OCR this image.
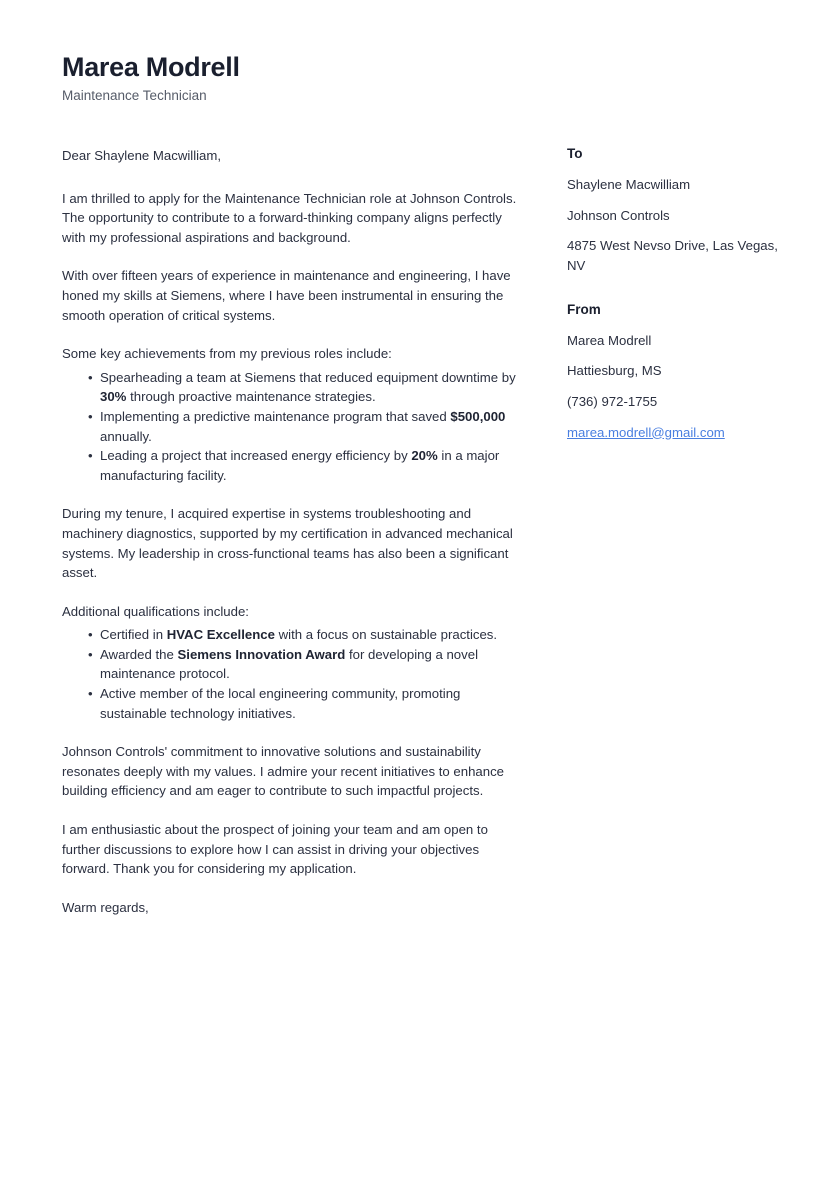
Marea Modrell
Maintenance Technician

Dear Shaylene Macwilliam,

I am thrilled to apply for the Maintenance Technician role at Johnson Controls. The opportunity to contribute to a forward-thinking company aligns perfectly with my professional aspirations and background.

With over fifteen years of experience in maintenance and engineering, I have honed my skills at Siemens, where I have been instrumental in ensuring the smooth operation of critical systems.

Some key achievements from my previous roles include:

• Spearheading a team at Siemens that reduced equipment downtime by 30% through proactive maintenance strategies.
• Implementing a predictive maintenance program that saved $500,000 annually.
• Leading a project that increased energy efficiency by 20% in a major manufacturing facility.

During my tenure, I acquired expertise in systems troubleshooting and machinery diagnostics, supported by my certification in advanced mechanical systems. My leadership in cross-functional teams has also been a significant asset.

Additional qualifications include:

• Certified in HVAC Excellence with a focus on sustainable practices.
• Awarded the Siemens Innovation Award for developing a novel maintenance protocol.
• Active member of the local engineering community, promoting sustainable technology initiatives.

Johnson Controls' commitment to innovative solutions and sustainability resonates deeply with my values. I admire your recent initiatives to enhance building efficiency and am eager to contribute to such impactful projects.

I am enthusiastic about the prospect of joining your team and am open to further discussions to explore how I can assist in driving your objectives forward. Thank you for considering my application.

Warm regards,

To
Shaylene Macwilliam
Johnson Controls
4875 West Nevso Drive, Las Vegas, NV
From
Marea Modrell
Hattiesburg, MS
(736) 972-1755
marea.modrell@gmail.com
